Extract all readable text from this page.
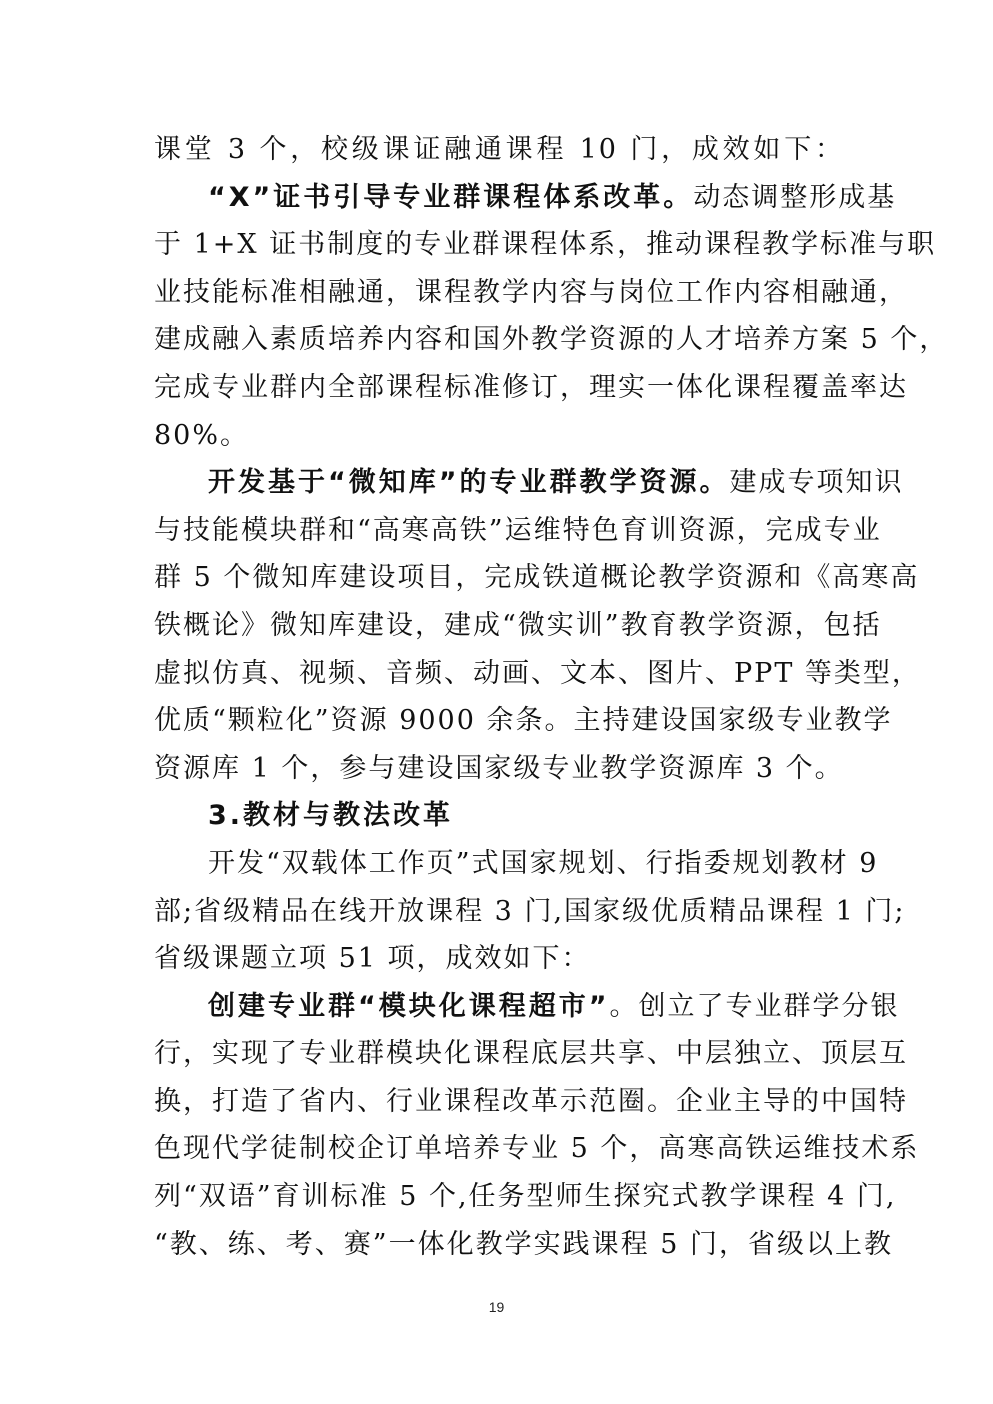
课堂 3 个，校级课证融通课程 10 门，成效如下：
“X”证书引导专业群课程体系改革。动态调整形成基
于 1+X 证书制度的专业群课程体系，推动课程教学标准与职
业技能标准相融通，课程教学内容与岗位工作内容相融通，
建成融入素质培养内容和国外教学资源的人才培养方案 5 个，
完成专业群内全部课程标准修订，理实一体化课程覆盖率达
80%。
开发基于“微知库”的专业群教学资源。建成专项知识
与技能模块群和“高寒高铁”运维特色育训资源，完成专业
群 5 个微知库建设项目，完成铁道概论教学资源和《高寒高
铁概论》微知库建设，建成“微实训”教育教学资源，包括
虚拟仿真、视频、音频、动画、文本、图片、PPT 等类型，
优质“颗粒化”资源 9000 余条。主持建设国家级专业教学
资源库 1 个，参与建设国家级专业教学资源库 3 个。
3.教材与教法改革
开发“双载体工作页”式国家规划、行指委规划教材 9
部;省级精品在线开放课程 3 门,国家级优质精品课程 1 门;
省级课题立项 51 项，成效如下：
创建专业群“模块化课程超市”。创立了专业群学分银
行，实现了专业群模块化课程底层共享、中层独立、顶层互
换，打造了省内、行业课程改革示范圈。企业主导的中国特
色现代学徒制校企订单培养专业 5 个，高寒高铁运维技术系
列“双语”育训标准 5 个,任务型师生探究式教学课程 4 门,
“教、练、考、赛”一体化教学实践课程 5 门，省级以上教
19
